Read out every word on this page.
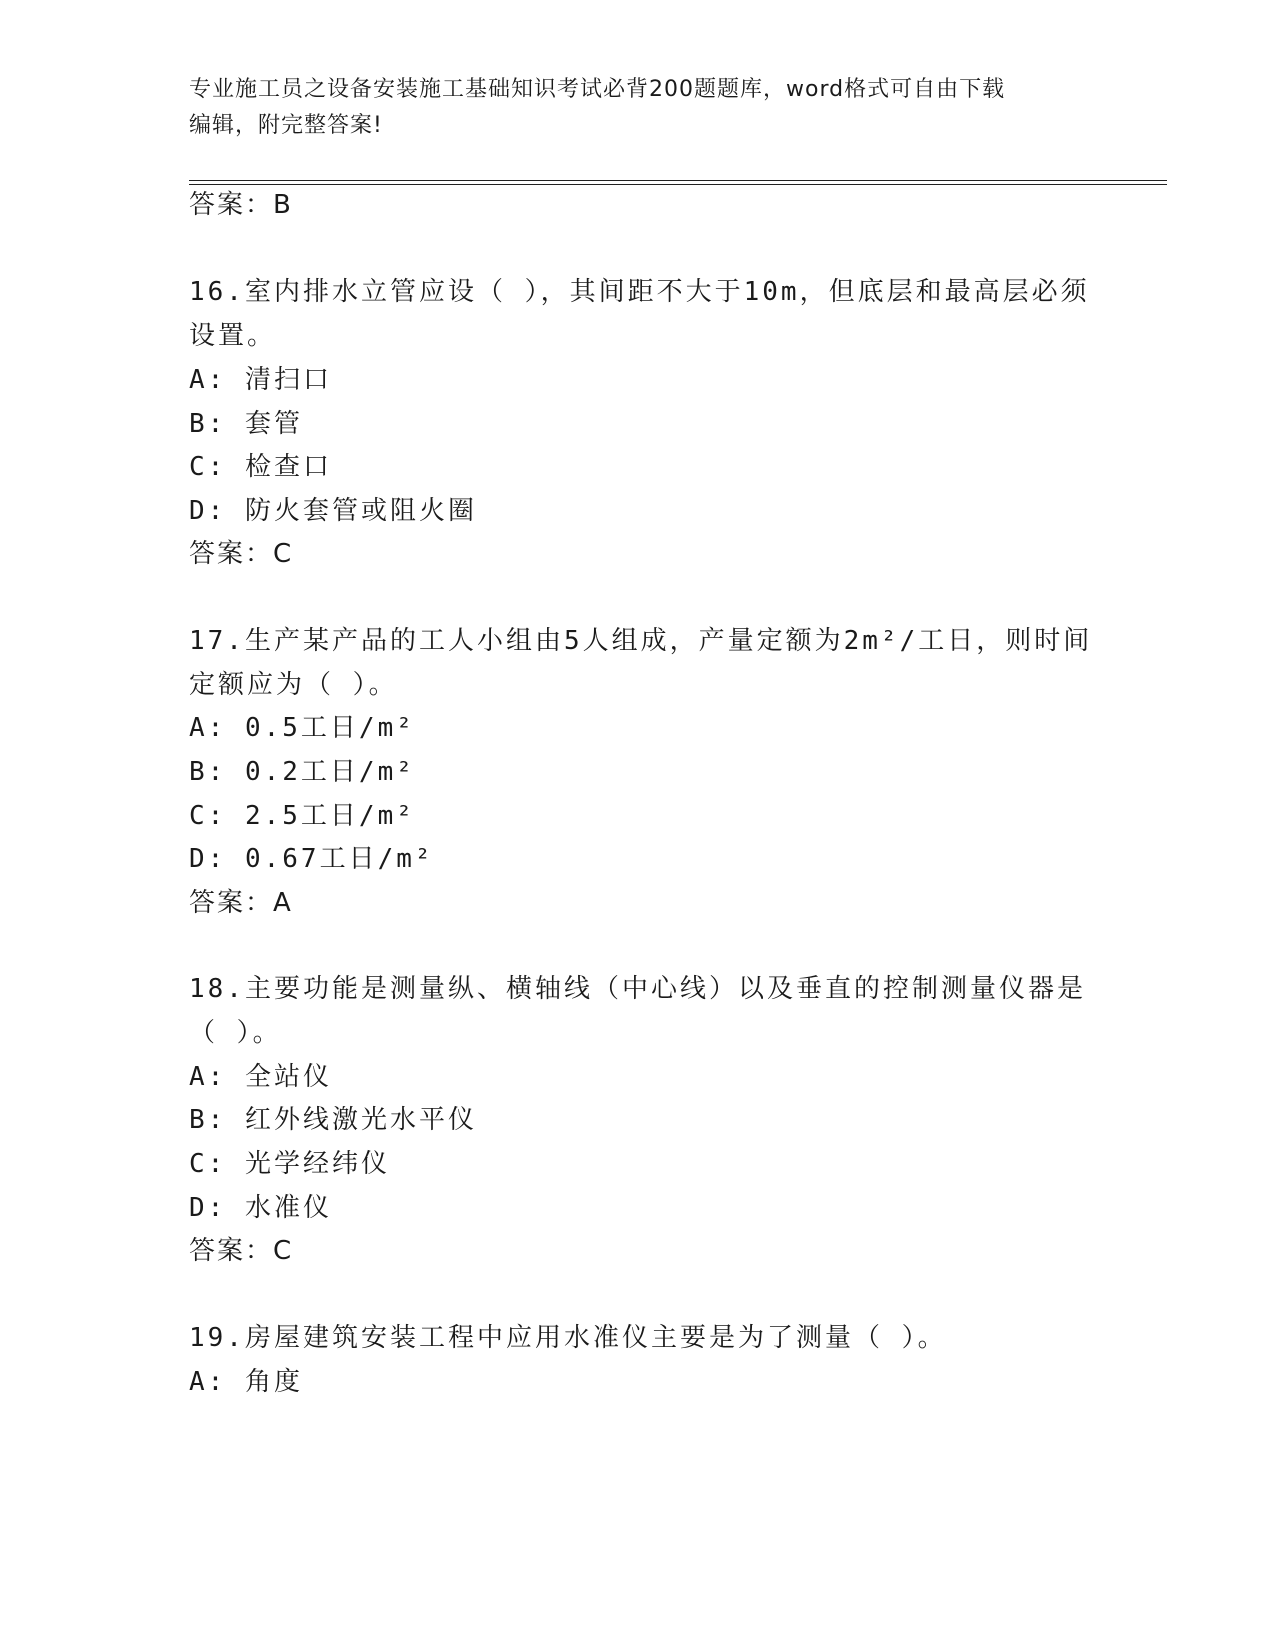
专业施工员之设备安装施工基础知识考试必背200题题库，word格式可自由下载
编辑，附完整答案!
答案：B
16.室内排水立管应设（ ），其间距不大于10m，但底层和最高层必须
设置。
A: 清扫口
B: 套管
C: 检查口
D: 防火套管或阻火圈
答案：C
17.生产某产品的工人小组由5人组成，产量定额为2m²/工日，则时间
定额应为（ ）。
A: 0.5工日/m²
B: 0.2工日/m²
C: 2.5工日/m²
D: 0.67工日/m²
答案：A
18.主要功能是测量纵、横轴线（中心线）以及垂直的控制测量仪器是
（ ）。
A: 全站仪
B: 红外线激光水平仪
C: 光学经纬仪
D: 水准仪
答案：C
19.房屋建筑安装工程中应用水准仪主要是为了测量（ ）。
A: 角度
